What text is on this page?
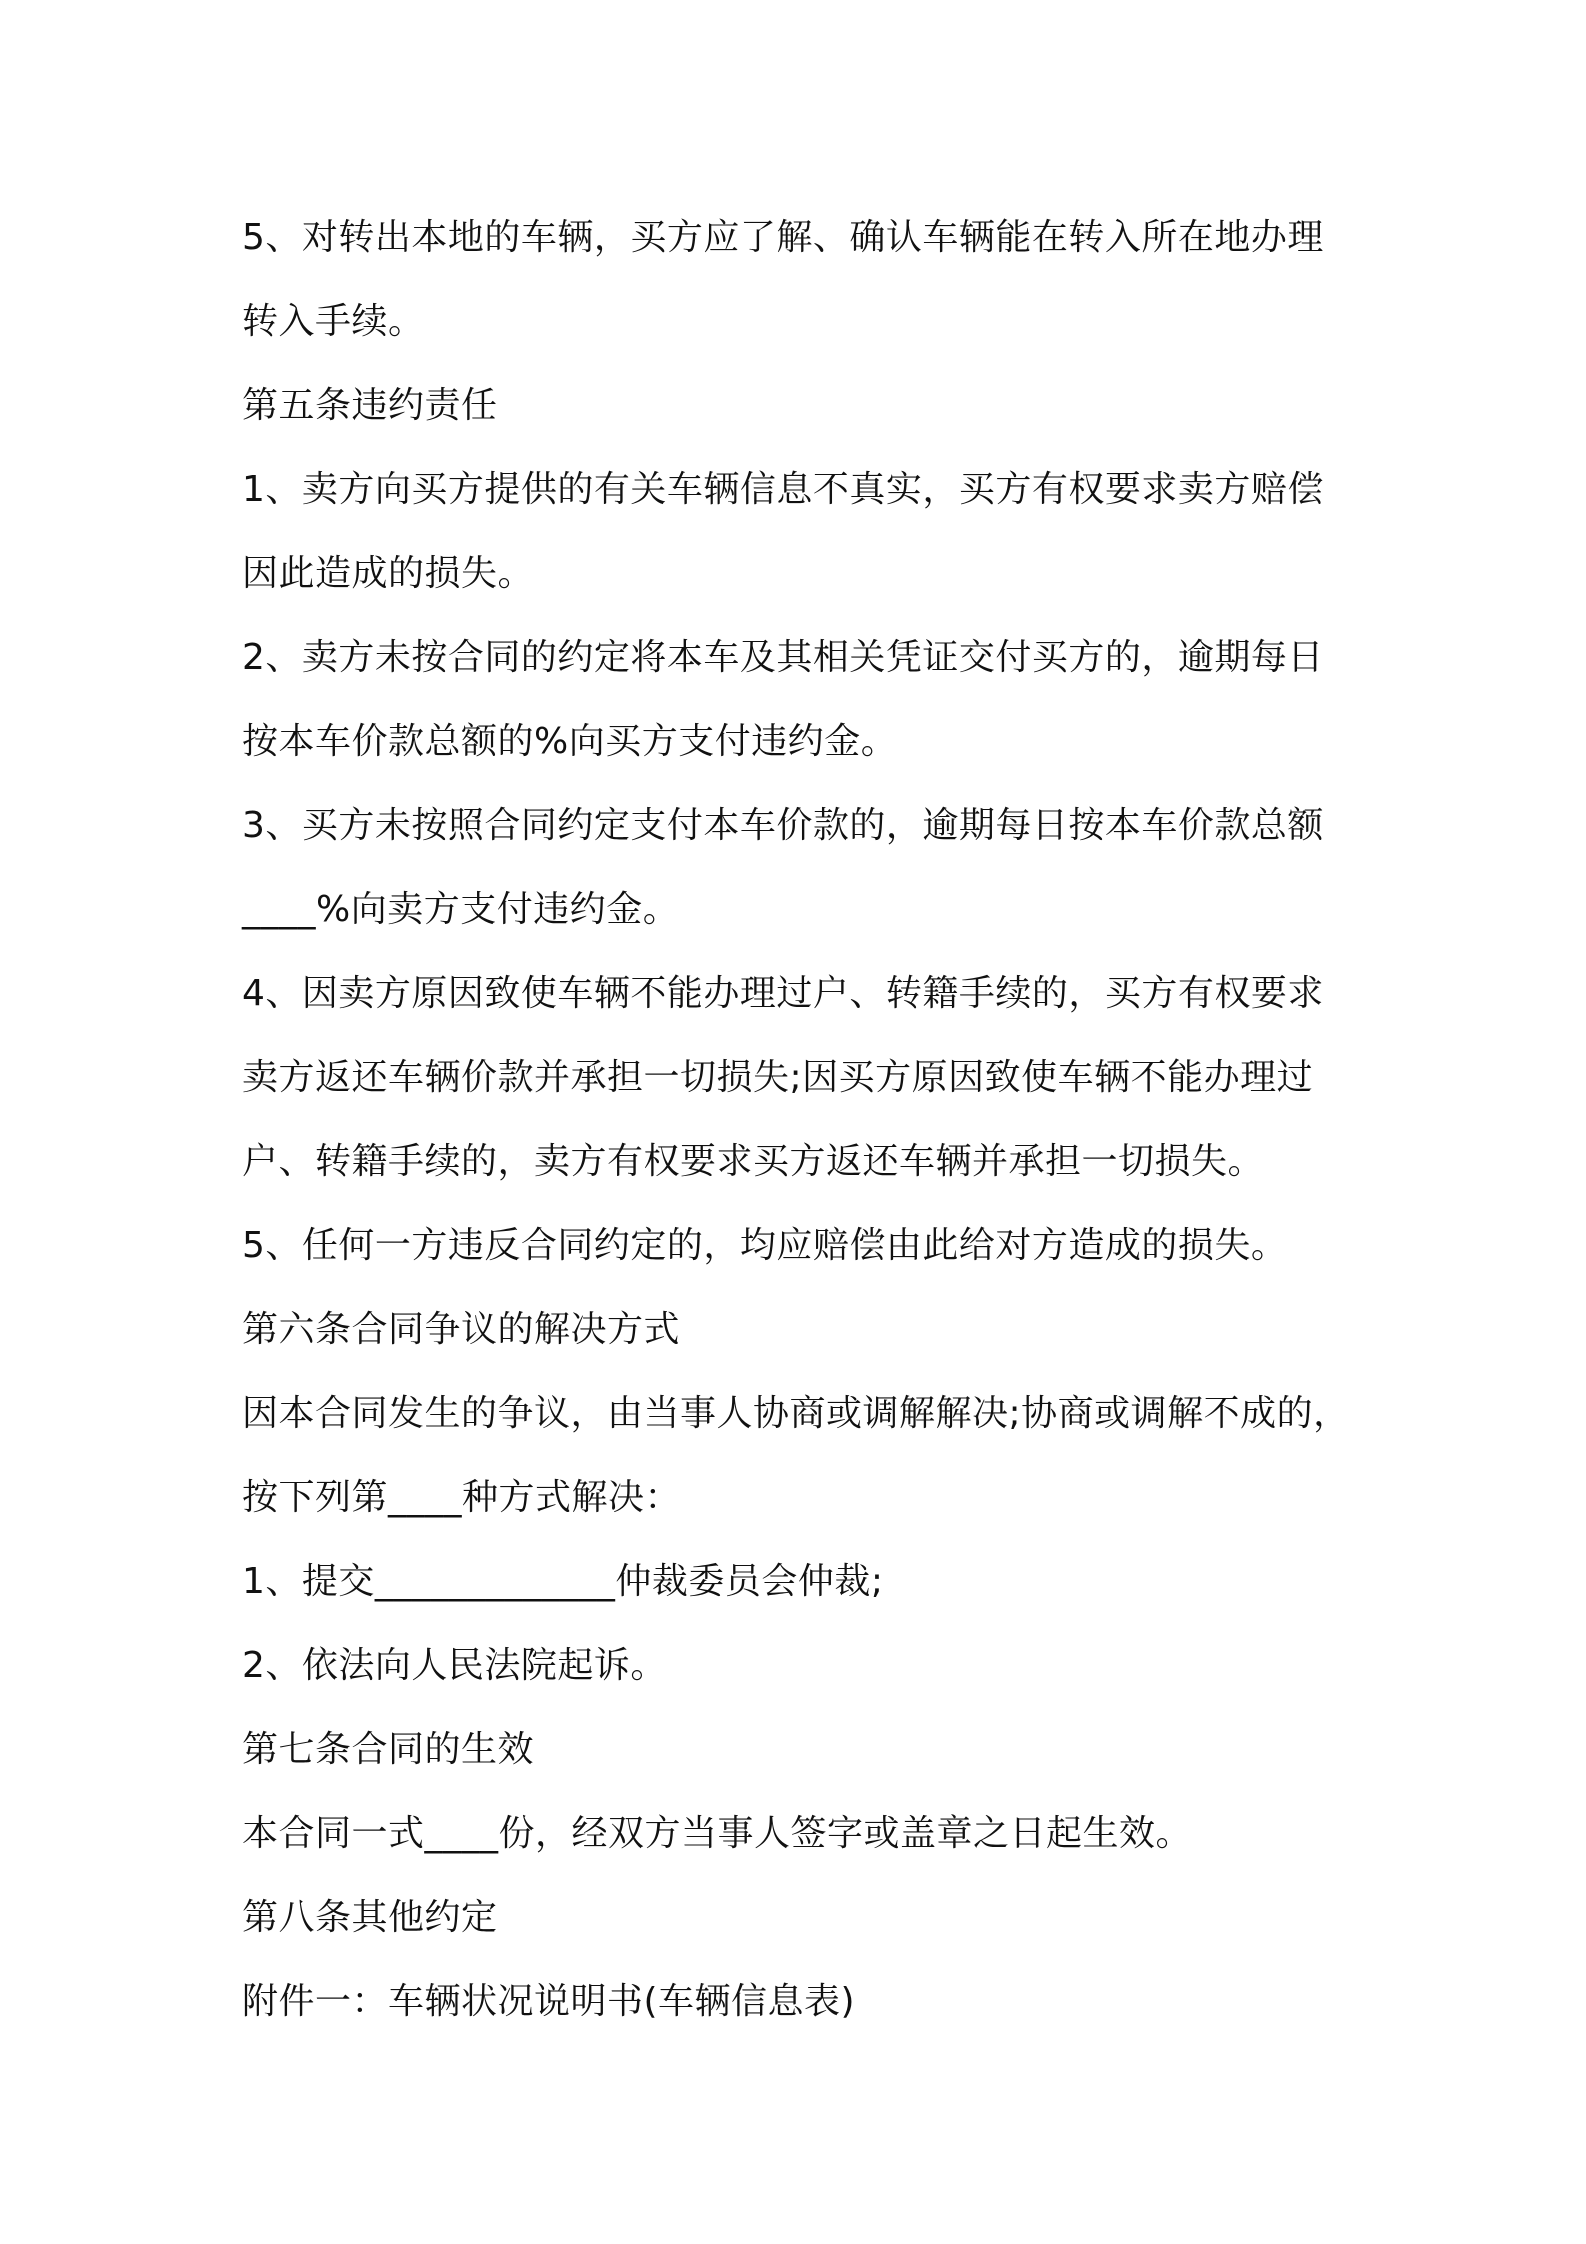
5、对转出本地的车辆，买方应了解、确认车辆能在转入所在地办理
转入手续。
第五条违约责任
1、卖方向买方提供的有关车辆信息不真实，买方有权要求卖方赔偿
因此造成的损失。
2、卖方未按合同的约定将本车及其相关凭证交付买方的，逾期每日
按本车价款总额的%向买方支付违约金。
3、买方未按照合同约定支付本车价款的，逾期每日按本车价款总额
____%向卖方支付违约金。
4、因卖方原因致使车辆不能办理过户、转籍手续的，买方有权要求
卖方返还车辆价款并承担一切损失;因买方原因致使车辆不能办理过
户、转籍手续的，卖方有权要求买方返还车辆并承担一切损失。
5、任何一方违反合同约定的，均应赔偿由此给对方造成的损失。
第六条合同争议的解决方式
因本合同发生的争议，由当事人协商或调解解决;协商或调解不成的，
按下列第____种方式解决：
1、提交_____________仲裁委员会仲裁;
2、依法向人民法院起诉。
第七条合同的生效
本合同一式____份，经双方当事人签字或盖章之日起生效。
第八条其他约定
附件一：车辆状况说明书(车辆信息表)
